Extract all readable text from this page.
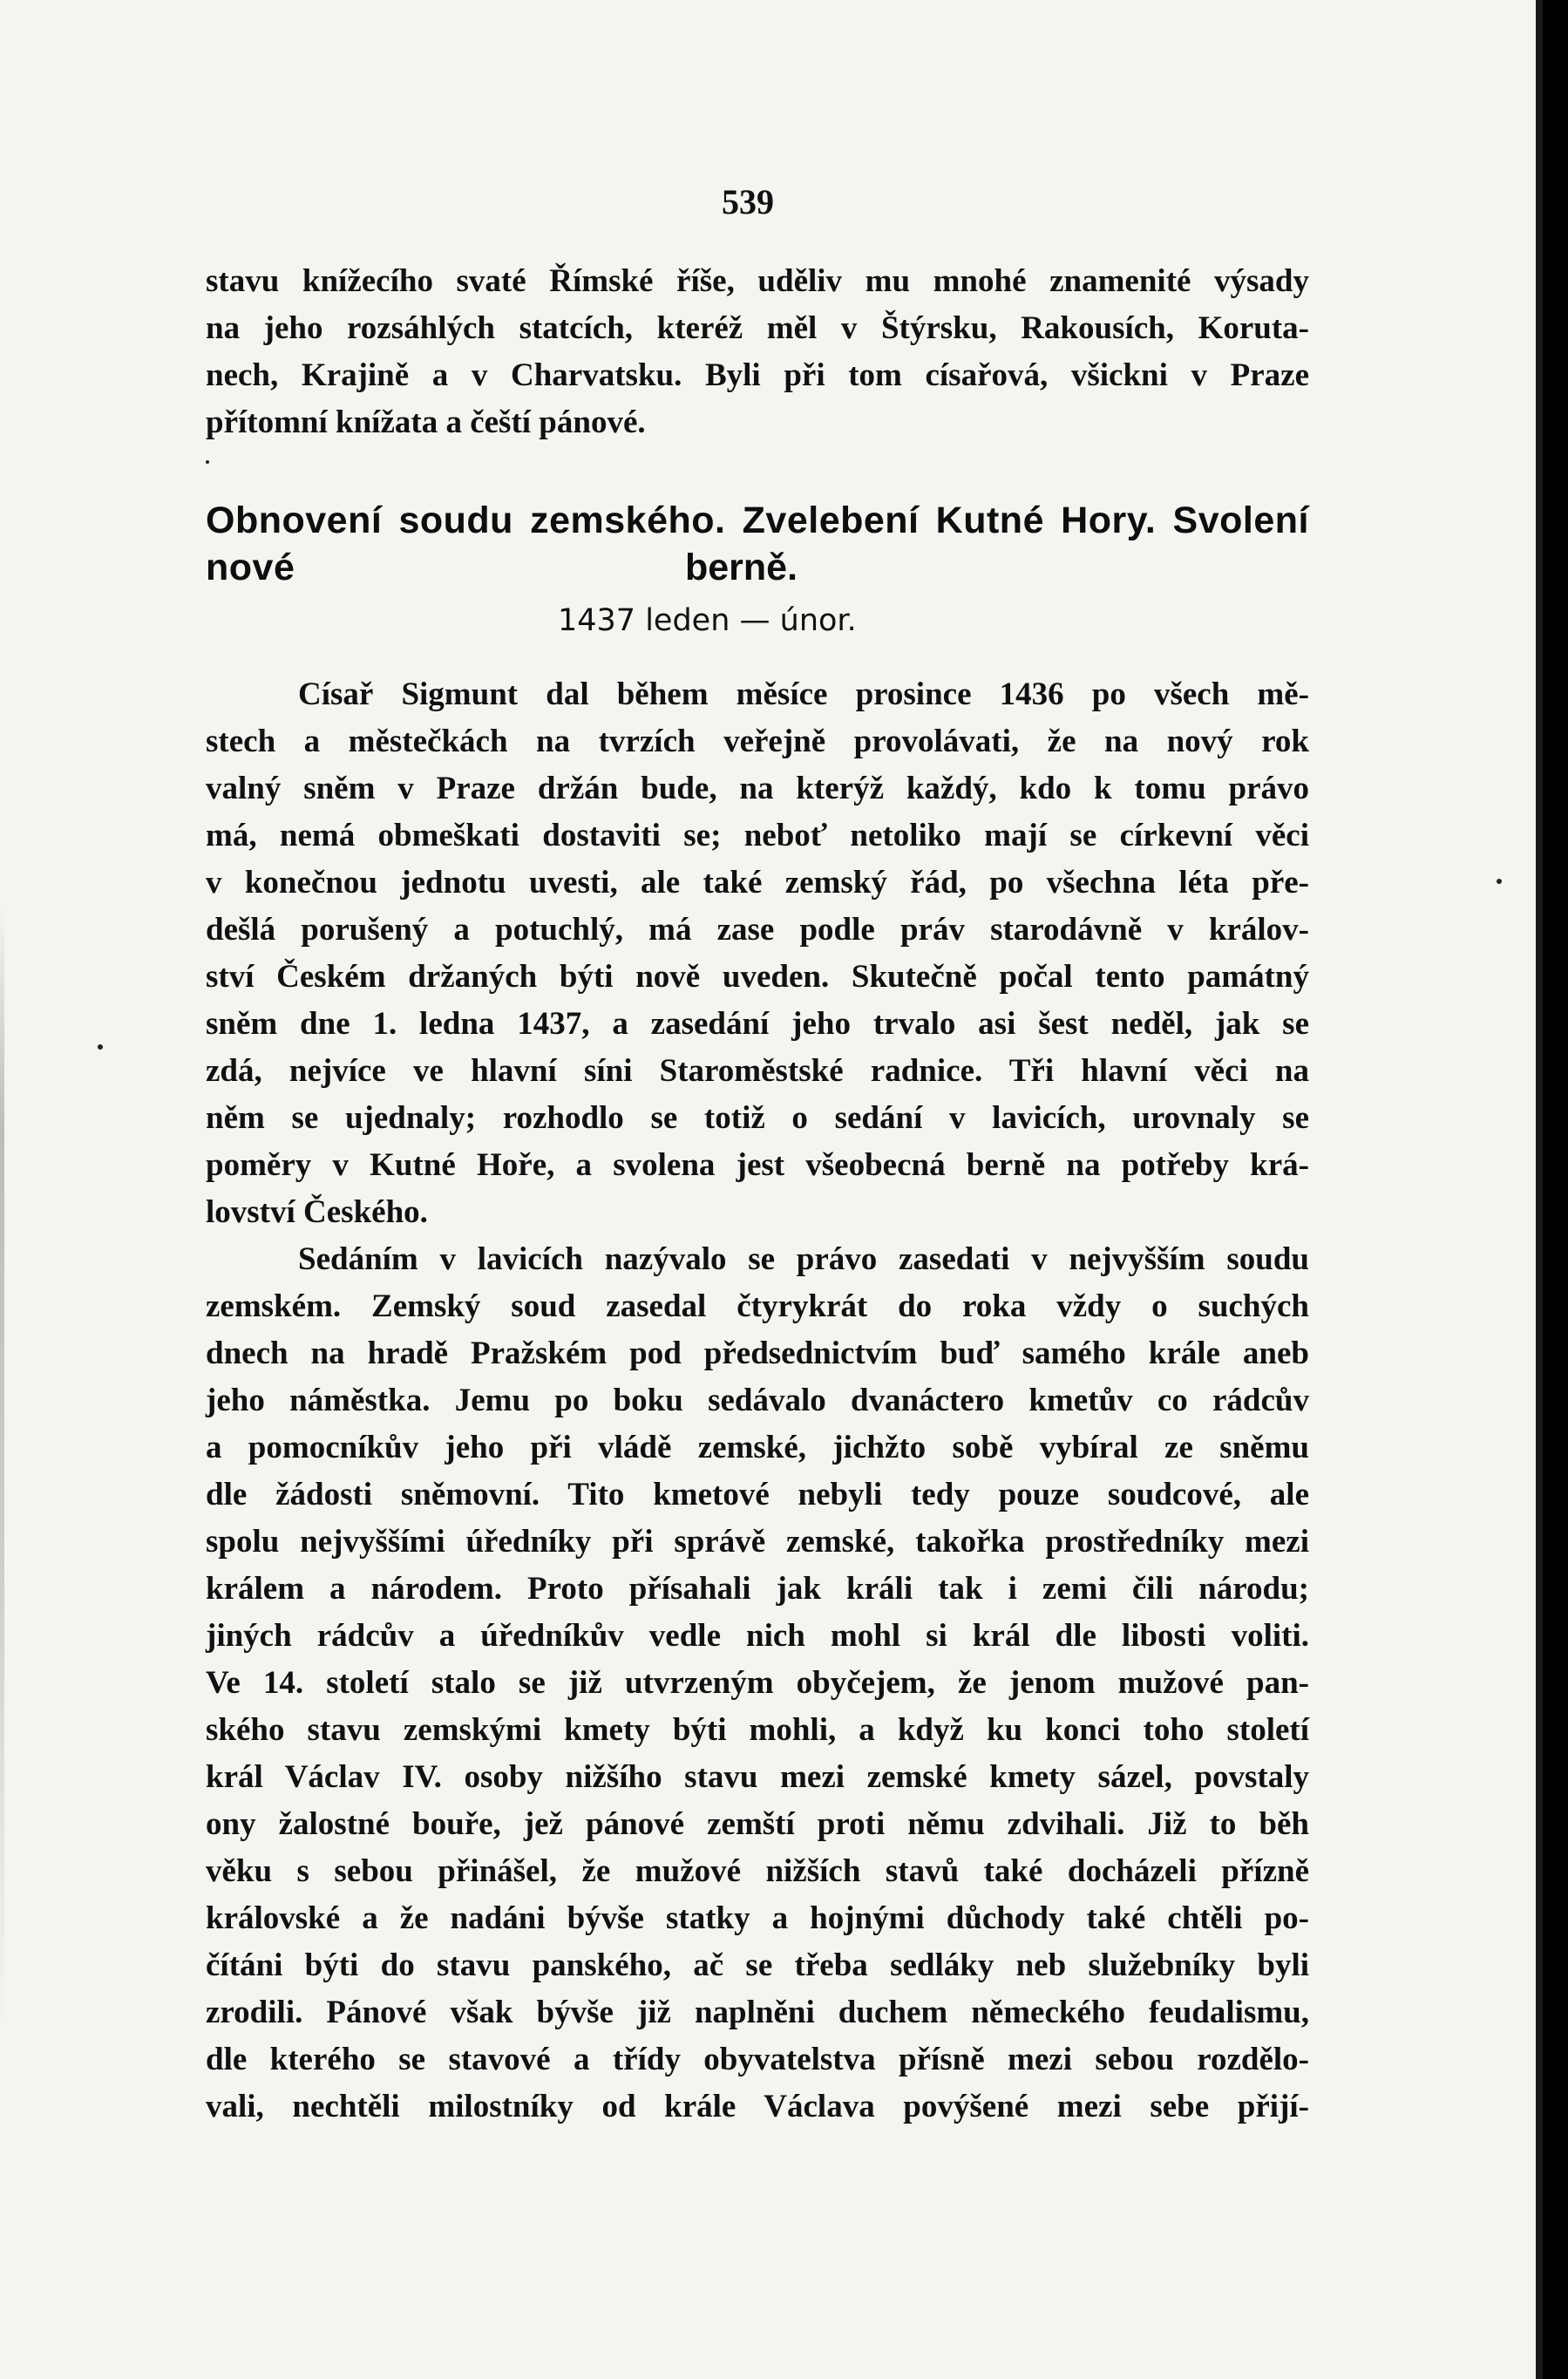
539
stavu knížecího svaté Římské říše, uděliv mu mnohé znamenité výsady
na jeho rozsáhlých statcích, kteréž měl v Štýrsku, Rakousích, Korutа-
nech, Krajině a v Charvatsku. Byli při tom císařová, všickni v Praze
přítomní knížata a čeští pánové.
Obnovení soudu zemského. Zvelebení Kutné Hory. Svolení nové	berně.
1437 leden — únor.
Císař Sigmunt dal během měsíce prosince 1436 po všech mě-
stech a městečkách na tvrzích veřejně provolávati, že na nový rok
valný sněm v Praze držán bude, na kterýž každý, kdo k tomu právo
má, nemá obmeškati dostaviti se; neboť netoliko mají se církevní věci
v konečnou jednotu uvesti, ale také zemský řád, po všechna léta pře-
dešlá porušený a potuchlý, má zase podle práv starodávně v králov-
ství Českém držaných býti nově uveden. Skutečně počal tento památný
sněm dne 1. ledna 1437, a zasedání jeho trvalo asi šest neděl, jak se
zdá, nejvíce ve hlavní síni Staroměstské radnice. Tři hlavní věci na
něm se ujednaly; rozhodlo se totiž o sedání v lavicích, urovnaly se
poměry v Kutné Hoře, a svolena jest všeobecná berně na potřeby krá-
lovství Českého.
Sedáním v lavicích nazývalo se právo zasedati v nejvyšším soudu
zemském. Zemský soud zasedal čtyrykrát do roka vždy o suchých
dnech na hradě Pražském pod předsednictvím buď samého krále aneb
jeho náměstka. Jemu po boku sedávalo dvanáctero kmetův co rádcův
a pomocníkův jeho při vládě zemské, jichžto sobě vybíral ze sněmu
dle žádosti sněmovní. Tito kmetové nebyli tedy pouze soudcové, ale
spolu nejvyššími úředníky při správě zemské, takořka prostředníky mezi
králem a národem. Proto přísahali jak králi tak i zemi čili národu;
jiných rádcův a úředníkův vedle nich mohl si král dle libosti voliti.
Ve 14. století stalo se již utvrzeným obyčejem, že jenom mužové pan-
ského stavu zemskými kmety býti mohli, a když ku konci toho století
král Václav IV. osoby nižšího stavu mezi zemské kmety sázel, povstaly
ony žalostné bouře, jež pánové zemští proti němu zdvihali. Již to běh
věku s sebou přinášel, že mužové nižších stavů také docházeli přízně
královské a že nadáni bývše statky a hojnými důchody také chtěli po-
čítáni býti do stavu panského, ač se třeba sedláky neb služebníky byli
zrodili. Pánové však bývše již naplněni duchem německého feudalismu,
dle kterého se stavové a třídy obyvatelstva přísně mezi sebou rozdělo-
vali, nechtěli milostníky od krále Václava povýšené mezi sebe přijí-
